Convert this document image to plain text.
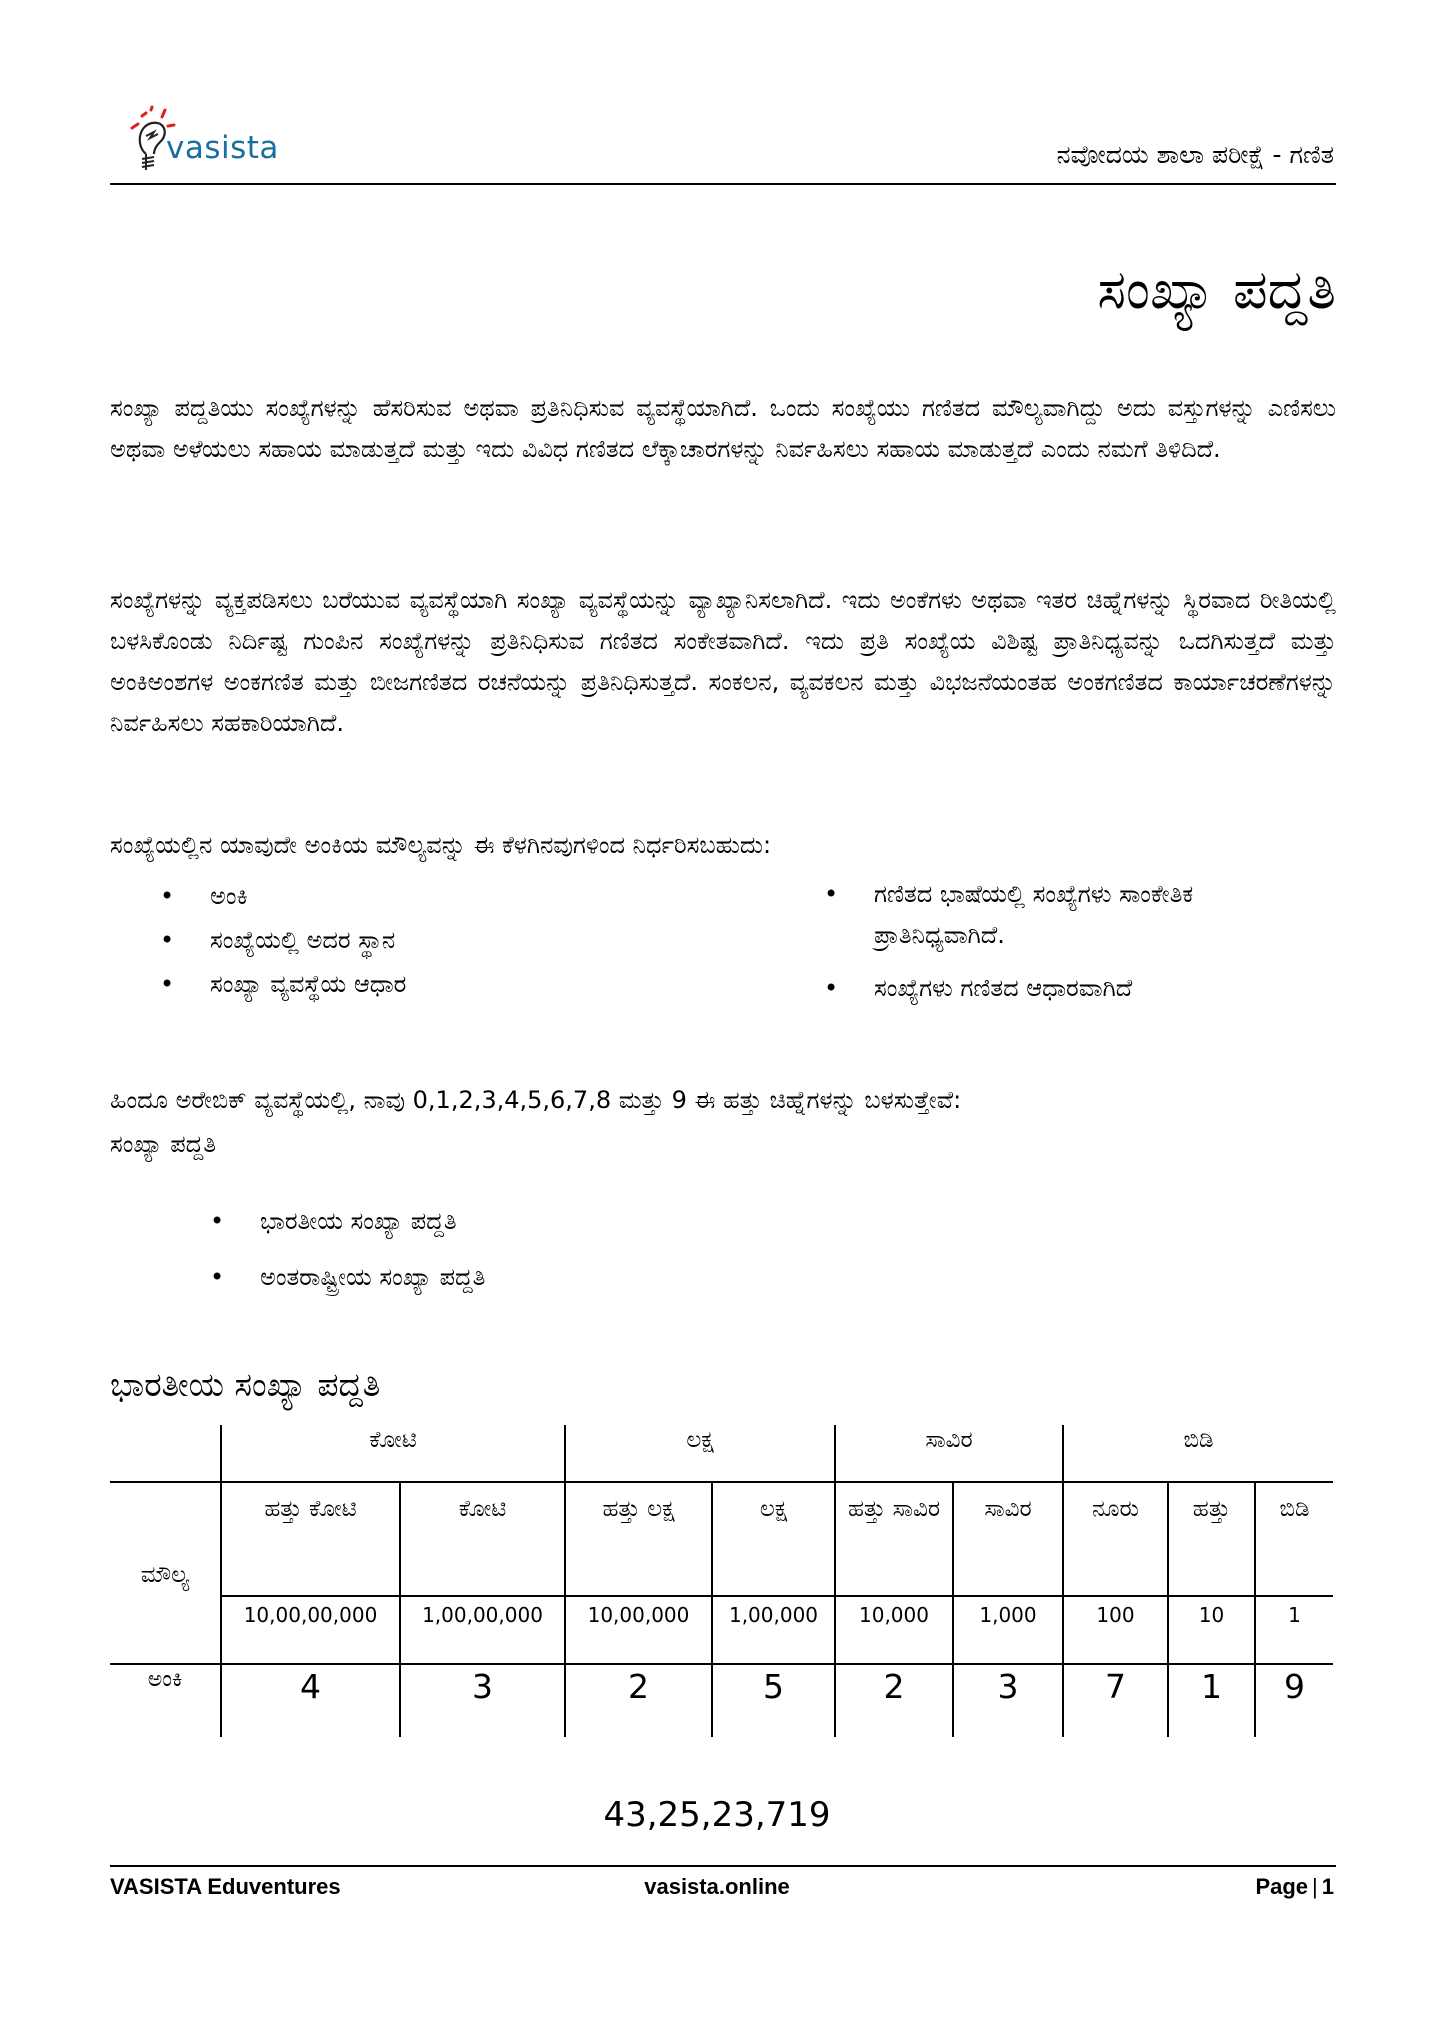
vasista	ನವೋದಯ ಶಾಲಾ ಪರೀಕ್ಷೆ - ಗಣಿತ
ಸಂಖ್ಯಾ ಪದ್ದತಿ
ಸಂಖ್ಯಾ ಪದ್ದತಿಯು ಸಂಖ್ಯೆಗಳನ್ನು ಹೆಸರಿಸುವ ಅಥವಾ ಪ್ರತಿನಿಧಿಸುವ ವ್ಯವಸ್ಥೆಯಾಗಿದೆ. ಒಂದು ಸಂಖ್ಯೆಯು ಗಣಿತದ ಮೌಲ್ಯವಾಗಿದ್ದು ಅದು ವಸ್ತುಗಳನ್ನು ಎಣಿಸಲು ಅಥವಾ ಅಳೆಯಲು ಸಹಾಯ ಮಾಡುತ್ತದೆ ಮತ್ತು ಇದು ವಿವಿಧ ಗಣಿತದ ಲೆಕ್ಕಾಚಾರಗಳನ್ನು ನಿರ್ವಹಿಸಲು ಸಹಾಯ ಮಾಡುತ್ತದೆ ಎಂದು ನಮಗೆ ತಿಳಿದಿದೆ.
ಸಂಖ್ಯೆಗಳನ್ನು ವ್ಯಕ್ತಪಡಿಸಲು ಬರೆಯುವ ವ್ಯವಸ್ಥೆಯಾಗಿ ಸಂಖ್ಯಾ ವ್ಯವಸ್ಥೆಯನ್ನು ವ್ಯಾಖ್ಯಾನಿಸಲಾಗಿದೆ. ಇದು ಅಂಕೆಗಳು ಅಥವಾ ಇತರ ಚಿಹ್ನೆಗಳನ್ನು ಸ್ಥಿರವಾದ ರೀತಿಯಲ್ಲಿ ಬಳಸಿಕೊಂಡು ನಿರ್ದಿಷ್ಟ ಗುಂಪಿನ ಸಂಖ್ಯೆಗಳನ್ನು ಪ್ರತಿನಿಧಿಸುವ ಗಣಿತದ ಸಂಕೇತವಾಗಿದೆ. ಇದು ಪ್ರತಿ ಸಂಖ್ಯೆಯ ವಿಶಿಷ್ಟ ಪ್ರಾತಿನಿಧ್ಯವನ್ನು ಒದಗಿಸುತ್ತದೆ ಮತ್ತು ಅಂಕಿಅಂಶಗಳ ಅಂಕಗಣಿತ ಮತ್ತು ಬೀಜಗಣಿತದ ರಚನೆಯನ್ನು ಪ್ರತಿನಿಧಿಸುತ್ತದೆ. ಸಂಕಲನ, ವ್ಯವಕಲನ ಮತ್ತು ವಿಭಜನೆಯಂತಹ ಅಂಕಗಣಿತದ ಕಾರ್ಯಾಚರಣೆಗಳನ್ನು ನಿರ್ವಹಿಸಲು ಸಹಕಾರಿಯಾಗಿದೆ.
ಸಂಖ್ಯೆಯಲ್ಲಿನ ಯಾವುದೇ ಅಂಕಿಯ ಮೌಲ್ಯವನ್ನು ಈ ಕೆಳಗಿನವುಗಳಿಂದ ನಿರ್ಧರಿಸಬಹುದು:
• ಅಂಕಿ
• ಸಂಖ್ಯೆಯಲ್ಲಿ ಅದರ ಸ್ಥಾನ
• ಸಂಖ್ಯಾ ವ್ಯವಸ್ಥೆಯ ಆಧಾರ
• ಗಣಿತದ ಭಾಷೆಯಲ್ಲಿ ಸಂಖ್ಯೆಗಳು ಸಾಂಕೇತಿಕ ಪ್ರಾತಿನಿಧ್ಯವಾಗಿದೆ.
• ಸಂಖ್ಯೆಗಳು ಗಣಿತದ ಆಧಾರವಾಗಿದೆ
ಹಿಂದೂ ಅರೇಬಿಕ್ ವ್ಯವಸ್ಥೆಯಲ್ಲಿ, ನಾವು 0,1,2,3,4,5,6,7,8 ಮತ್ತು 9 ಈ ಹತ್ತು ಚಿಹ್ನೆಗಳನ್ನು ಬಳಸುತ್ತೇವೆ:
ಸಂಖ್ಯಾ ಪದ್ದತಿ
• ಭಾರತೀಯ ಸಂಖ್ಯಾ ಪದ್ದತಿ
• ಅಂತರಾಷ್ಟ್ರೀಯ ಸಂಖ್ಯಾ ಪದ್ದತಿ
ಭಾರತೀಯ ಸಂಖ್ಯಾ ಪದ್ದತಿ
	ಕೋಟಿ		ಲಕ್ಷ		ಸಾವಿರ		ಬಿಡಿ		
ಮೌಲ್ಯ	ಹತ್ತು ಕೋಟಿ	ಕೋಟಿ	ಹತ್ತು ಲಕ್ಷ	ಲಕ್ಷ	ಹತ್ತು ಸಾವಿರ	ಸಾವಿರ	ನೂರು	ಹತ್ತು	ಬಿಡಿ
	10,00,00,000	1,00,00,000	10,00,000	1,00,000	10,000	1,000	100	10	1
ಅಂಕಿ	4	3	2	5	2	3	7	1	9
43,25,23,719
VASISTA Eduventures	vasista.online	Page | 1
